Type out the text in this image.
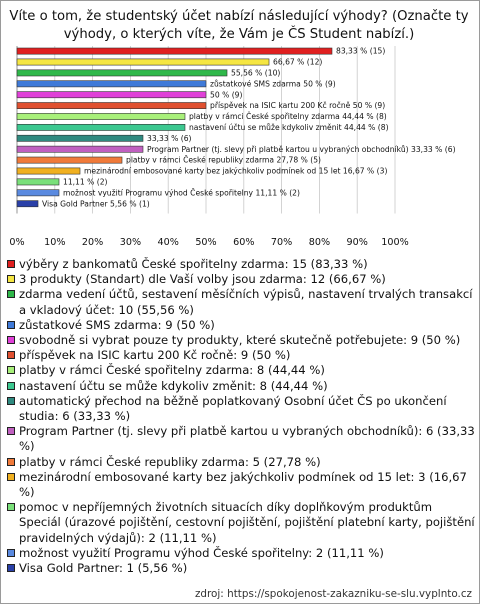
Víte o tom, že studentský účet nabízí následující výhody? (Označte ty výhody, o kterých víte, že Vám je ČS Student nabízí.)
0% 10% 20% 30% 40% 50% 60% 70% 80% 90% 100%
83,33 % (15)
66,67 % (12)
55,56 % (10)
zůstatkové SMS zdarma 50 % (9)
50 % (9)
příspěvek na ISIC kartu 200 Kč ročně 50 % (9)
platby v rámci České spořitelny zdarma 44,44 % (8)
nastavení účtu se může kdykoliv změnit 44,44 % (8)
33,33 % (6)
Program Partner (tj. slevy při platbě kartou u vybraných obchodníků) 33,33 % (6)
platby v rámci České republiky zdarma 27,78 % (5)
mezinárodní embosované karty bez jakýchkoliv podmínek od 15 let 16,67 % (3)
11,11 % (2)
možnost využití Programu výhod České spořitelny 11,11 % (2)
Visa Gold Partner 5,56 % (1)
výběry z bankomatů České spořitelny zdarma: 15 (83,33 %)
3 produkty (Standart) dle Vaší volby jsou zdarma: 12 (66,67 %)
zdarma vedení účtů, sestavení měsíčních výpisů, nastavení trvalých transakcí a vkladový účet: 10 (55,56 %)
zůstatkové SMS zdarma: 9 (50 %)
svobodně si vybrat pouze ty produkty, které skutečně potřebujete: 9 (50 %)
příspěvek na ISIC kartu 200 Kč ročně: 9 (50 %)
platby v rámci České spořitelny zdarma: 8 (44,44 %)
nastavení účtu se může kdykoliv změnit: 8 (44,44 %)
automatický přechod na běžně poplatkovaný Osobní účet ČS po ukončení studia: 6 (33,33 %)
Program Partner (tj. slevy při platbě kartou u vybraných obchodníků): 6 (33,33 %)
platby v rámci České republiky zdarma: 5 (27,78 %)
mezinárodní embosované karty bez jakýchkoliv podmínek od 15 let: 3 (16,67 %)
pomoc v nepříjemných životních situacích díky doplňkovým produktům Speciál (úrazové pojištění, cestovní pojištění, pojištění platební karty, pojištění pravidelných výdajů): 2 (11,11 %)
možnost využití Programu výhod České spořitelny: 2 (11,11 %)
Visa Gold Partner: 1 (5,56 %)
zdroj: https://spokojenost-zakazniku-se-slu.vyplnto.cz
